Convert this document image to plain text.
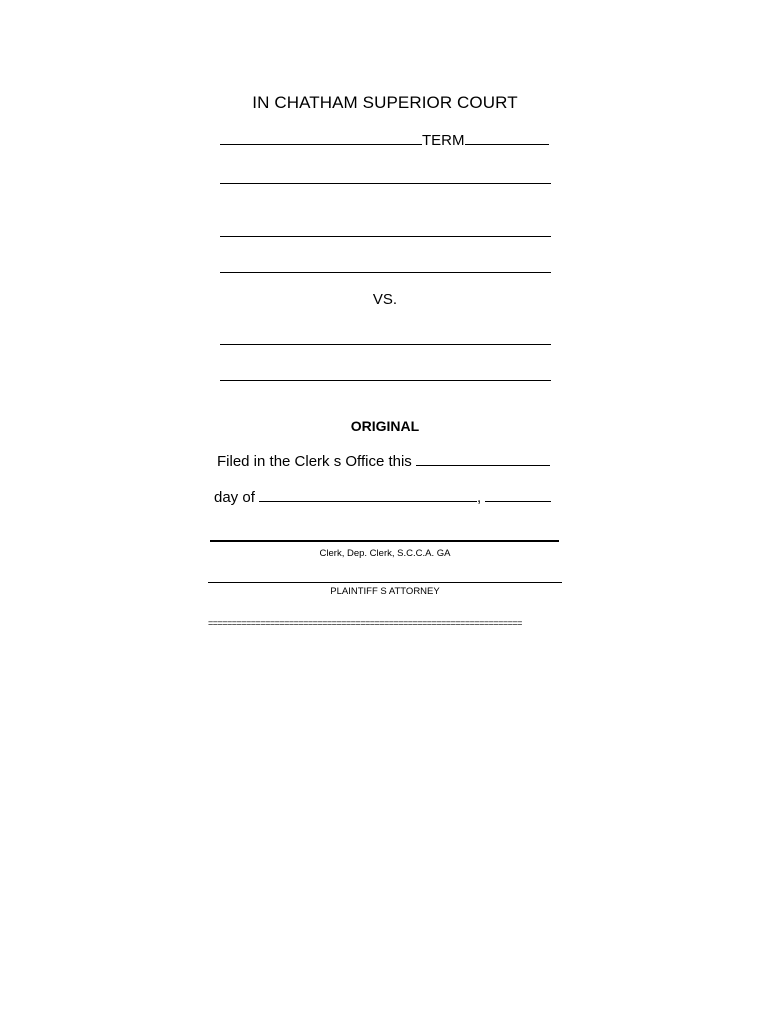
IN CHATHAM SUPERIOR COURT
TERM
VS.
ORIGINAL
Filed in the Clerk s Office this
day of	,
Clerk, Dep. Clerk, S.C.C.A. GA
PLAINTIFF S ATTORNEY
==================================================================
